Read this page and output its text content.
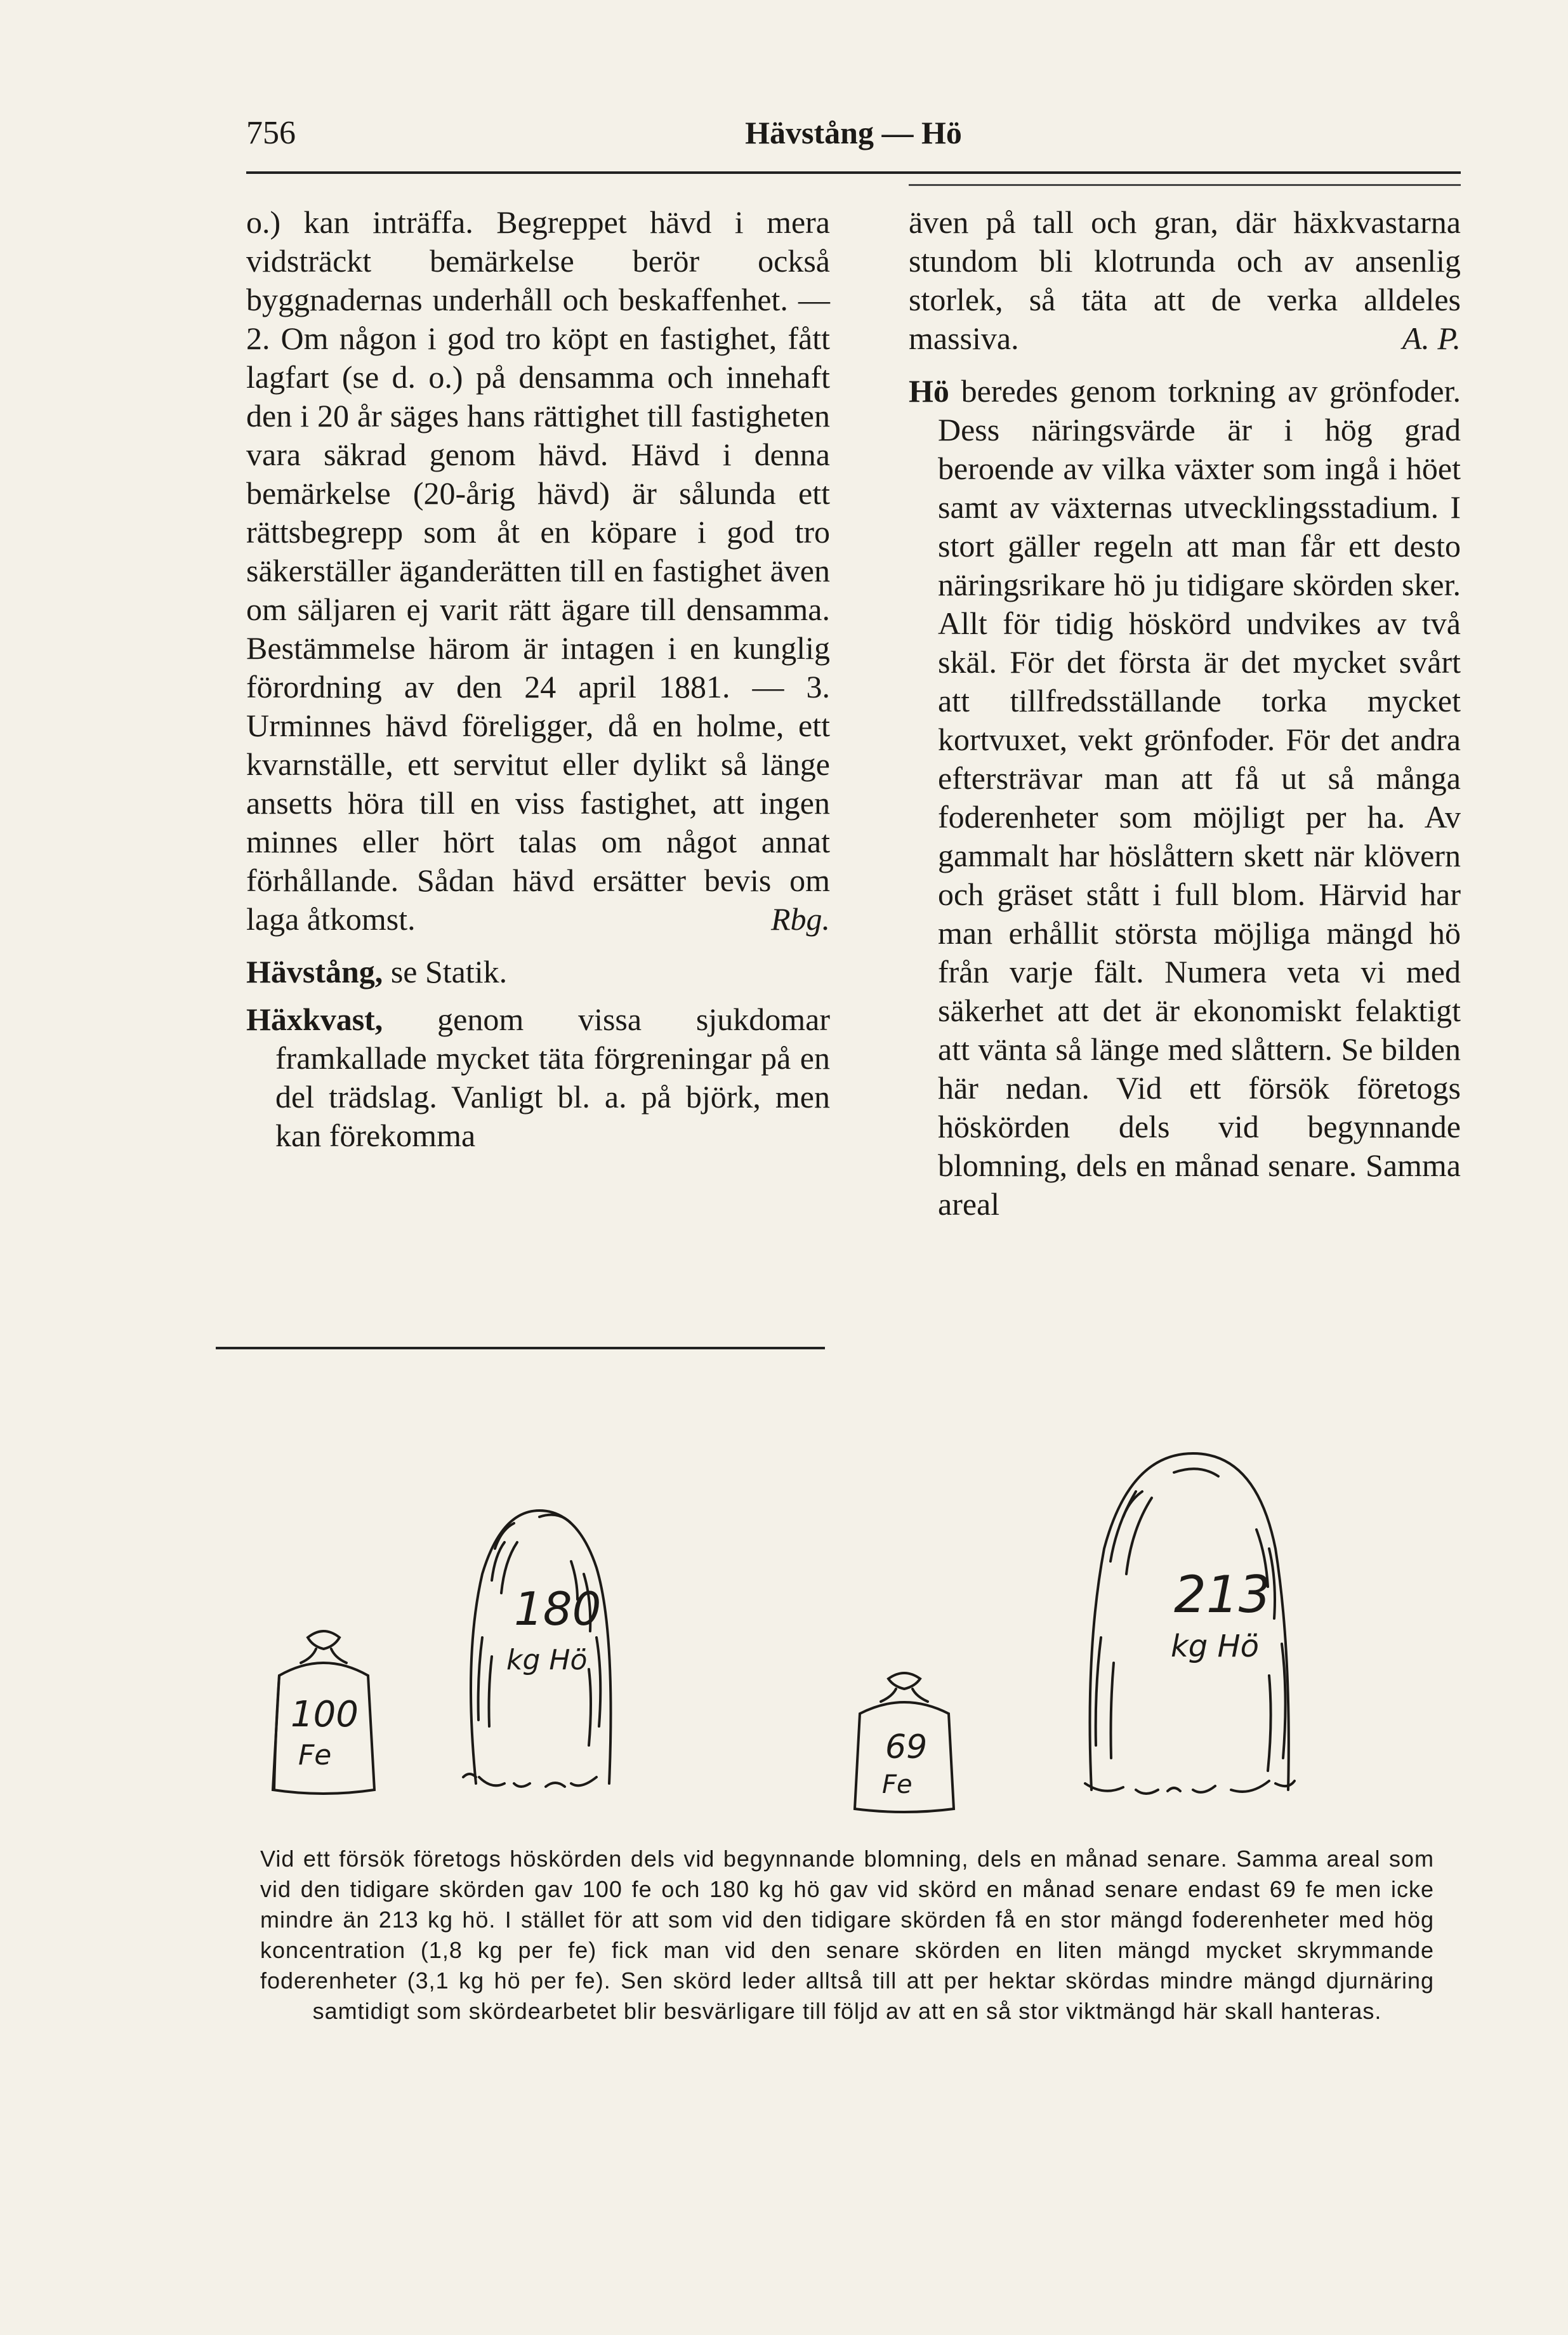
756	Hävstång — Hö

o.) kan inträffa. Begreppet hävd i mera vidsträckt bemärkelse berör också byggnadernas underhåll och beskaffenhet. — 2. Om någon i god tro köpt en fastighet, fått lagfart (se d. o.) på densamma och innehaft den i 20 år säges hans rättighet till fastigheten vara säkrad genom hävd. Hävd i denna bemärkelse (20-årig hävd) är sålunda ett rättsbegrepp som åt en köpare i god tro säkerställer äganderätten till en fastighet även om säljaren ej varit rätt ägare till densamma. Bestämmelse härom är intagen i en kunglig förordning av den 24 april 1881. — 3. Urminnes hävd föreligger, då en holme, ett kvarnställe, ett servitut eller dylikt så länge ansetts höra till en viss fastighet, att ingen minnes eller hört talas om något annat förhållande. Sådan hävd ersätter bevis om laga åtkomst.	Rbg.

Hävstång, se Statik.

Häxkvast, genom vissa sjukdomar framkallade mycket täta förgreningar på en del trädslag. Vanligt bl. a. på björk, men kan förekomma

även på tall och gran, där häxkvastarna stundom bli klotrunda och av ansenlig storlek, så täta att de verka alldeles massiva.	A. P.

Hö beredes genom torkning av grönfoder. Dess näringsvärde är i hög grad beroende av vilka växter som ingå i höet samt av växternas utvecklingsstadium. I stort gäller regeln att man får ett desto näringsrikare hö ju tidigare skörden sker. Allt för tidig höskörd undvikes av två skäl. För det första är det mycket svårt att tillfredsställande torka mycket kortvuxet, vekt grönfoder. För det andra eftersträvar man att få ut så många foderenheter som möjligt per ha. Av gammalt har höslåttern skett när klövern och gräset stått i full blom. Härvid har man erhållit största möjliga mängd hö från varje fält. Numera veta vi med säkerhet att det är ekonomiskt felaktigt att vänta så länge med slåttern. Se bilden här nedan. Vid ett försök företogs höskörden dels vid begynnande blomning, dels en månad senare. Samma areal

100
Fe
180
kg Hö
69
Fe
213
kg Hö
Vid ett försök företogs höskörden dels vid begynnande blomning, dels en månad senare. Samma areal som vid den tidigare skörden gav 100 fe och 180 kg hö gav vid skörd en månad senare endast 69 fe men icke mindre än 213 kg hö. I stället för att som vid den tidigare skörden få en stor mängd foderenheter med hög koncentration (1,8 kg per fe) fick man vid den senare skörden en liten mängd mycket skrymmande foderenheter (3,1 kg hö per fe). Sen skörd leder alltså till att per hektar skördas mindre mängd djurnäring samtidigt som skördearbetet blir besvärligare till följd av att en så stor viktmängd här skall hanteras.
